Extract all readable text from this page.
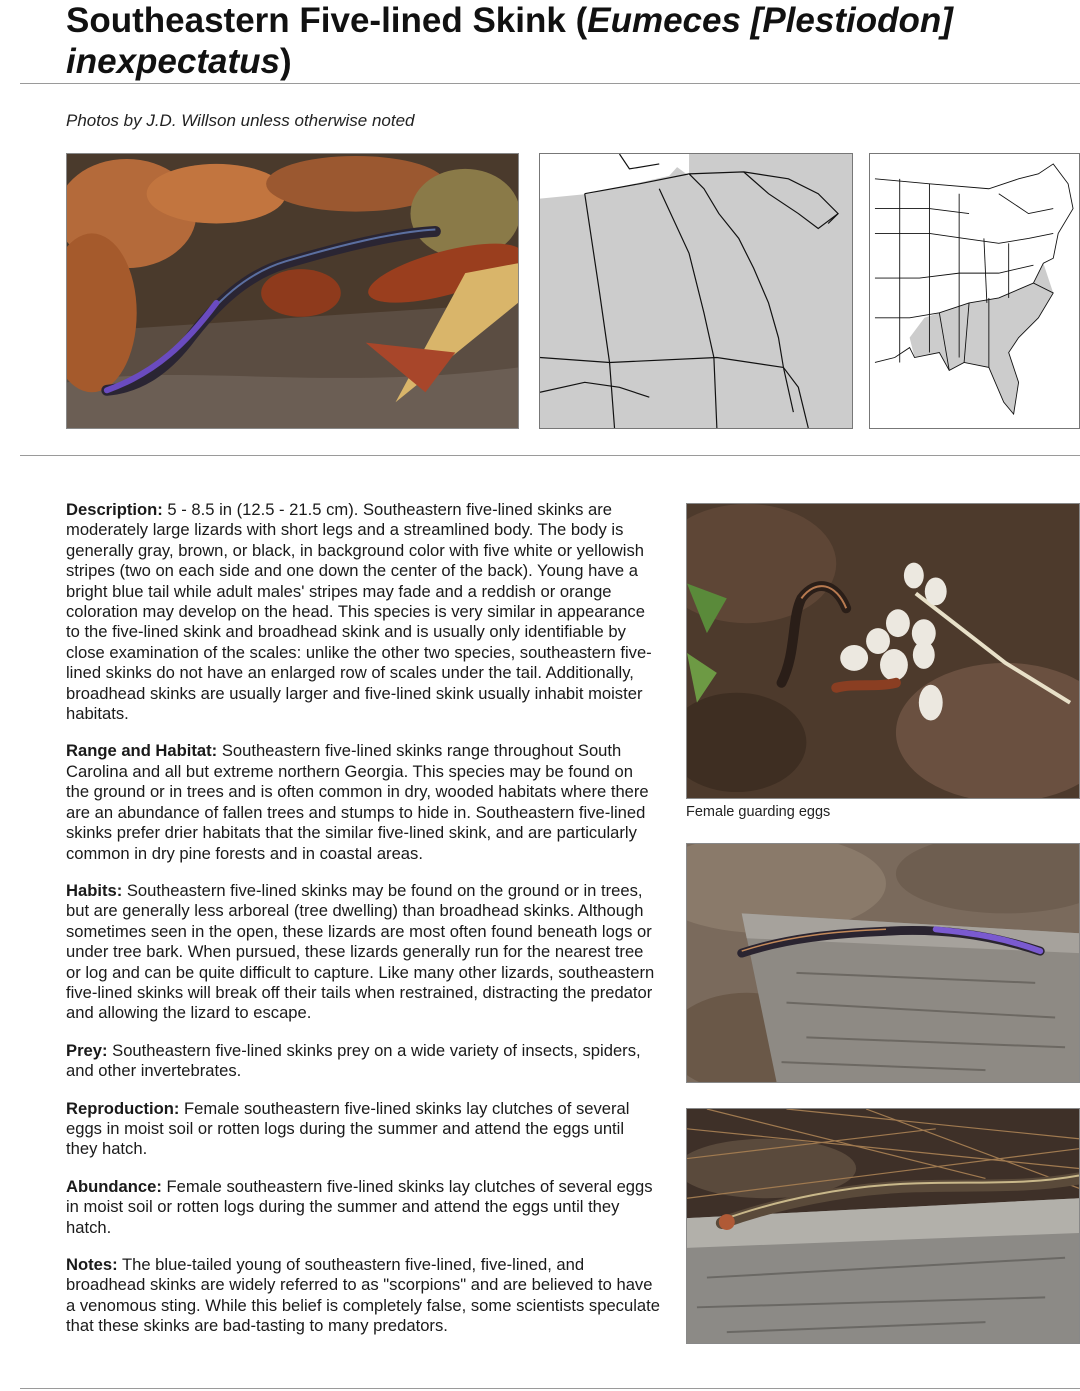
Southeastern Five-lined Skink (Eumeces [Plestiodon] inexpectatus)
Photos by J.D. Willson unless otherwise noted

Description: 5 - 8.5 in (12.5 - 21.5 cm). Southeastern five-lined skinks are moderately large lizards with short legs and a streamlined body. The body is generally gray, brown, or black, in background color with five white or yellowish stripes (two on each side and one down the center of the back). Young have a bright blue tail while adult males' stripes may fade and a reddish or orange coloration may develop on the head. This species is very similar in appearance to the five-lined skink and broadhead skink and is usually only identifiable by close examination of the scales: unlike the other two species, southeastern five-lined skinks do not have an enlarged row of scales under the tail. Additionally, broadhead skinks are usually larger and five-lined skink usually inhabit moister habitats.

Range and Habitat: Southeastern five-lined skinks range throughout South Carolina and all but extreme northern Georgia. This species may be found on the ground or in trees and is often common in dry, wooded habitats where there are an abundance of fallen trees and stumps to hide in. Southeastern five-lined skinks prefer drier habitats that the similar five-lined skink, and are particularly common in dry pine forests and in coastal areas.

Habits: Southeastern five-lined skinks may be found on the ground or in trees, but are generally less arboreal (tree dwelling) than broadhead skinks. Although sometimes seen in the open, these lizards are most often found beneath logs or under tree bark. When pursued, these lizards generally run for the nearest tree or log and can be quite difficult to capture. Like many other lizards, southeastern five-lined skinks will break off their tails when restrained, distracting the predator and allowing the lizard to escape.

Prey: Southeastern five-lined skinks prey on a wide variety of insects, spiders, and other invertebrates.

Reproduction: Female southeastern five-lined skinks lay clutches of several eggs in moist soil or rotten logs during the summer and attend the eggs until they hatch.

Abundance: Female southeastern five-lined skinks lay clutches of several eggs in moist soil or rotten logs during the summer and attend the eggs until they hatch.

Notes: The blue-tailed young of southeastern five-lined, five-lined, and broadhead skinks are widely referred to as "scorpions" and are believed to have a venomous sting. While this belief is completely false, some scientists speculate that these skinks are bad-tasting to many predators.

Female guarding eggs
